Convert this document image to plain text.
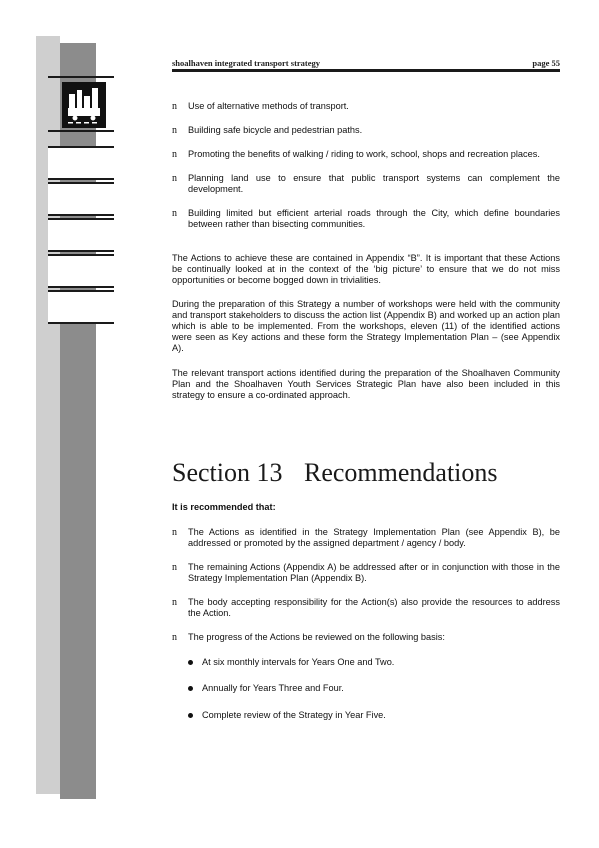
shoalhaven integrated transport strategy	page 55

n Use of alternative methods of transport.

n Building safe bicycle and pedestrian paths.

n Promoting the benefits of walking / riding to work, school, shops and recreation places.

n Planning land use to ensure that public transport systems can complement the development.

n Building limited but efficient arterial roads through the City, which define boundaries between rather than bisecting communities.

The Actions to achieve these are contained in Appendix “B”. It is important that these Actions be continually looked at in the context of the ‘big picture’ to ensure that we do not miss opportunities or become bogged down in trivialities.

During the preparation of this Strategy a number of workshops were held with the community and transport stakeholders to discuss the action list (Appendix B) and worked up an action plan which is able to be implemented. From the workshops, eleven (11) of the identified actions were seen as Key actions and these form the Strategy Implementation Plan – (see Appendix A).

The relevant transport actions identified during the preparation of the Shoalhaven Community Plan and the Shoalhaven Youth Services Strategic Plan have also been included in this strategy to ensure a co-ordinated approach.

Section 13 Recommendations
It is recommended that:

n The Actions as identified in the Strategy Implementation Plan (see Appendix B), be addressed or promoted by the assigned department / agency / body.

n The remaining Actions (Appendix A) be addressed after or in conjunction with those in the Strategy Implementation Plan (Appendix B).

n The body accepting responsibility for the Action(s) also provide the resources to address the Action.

n The progress of the Actions be reviewed on the following basis:

At six monthly intervals for Years One and Two.
Annually for Years Three and Four.
Complete review of the Strategy in Year Five.
